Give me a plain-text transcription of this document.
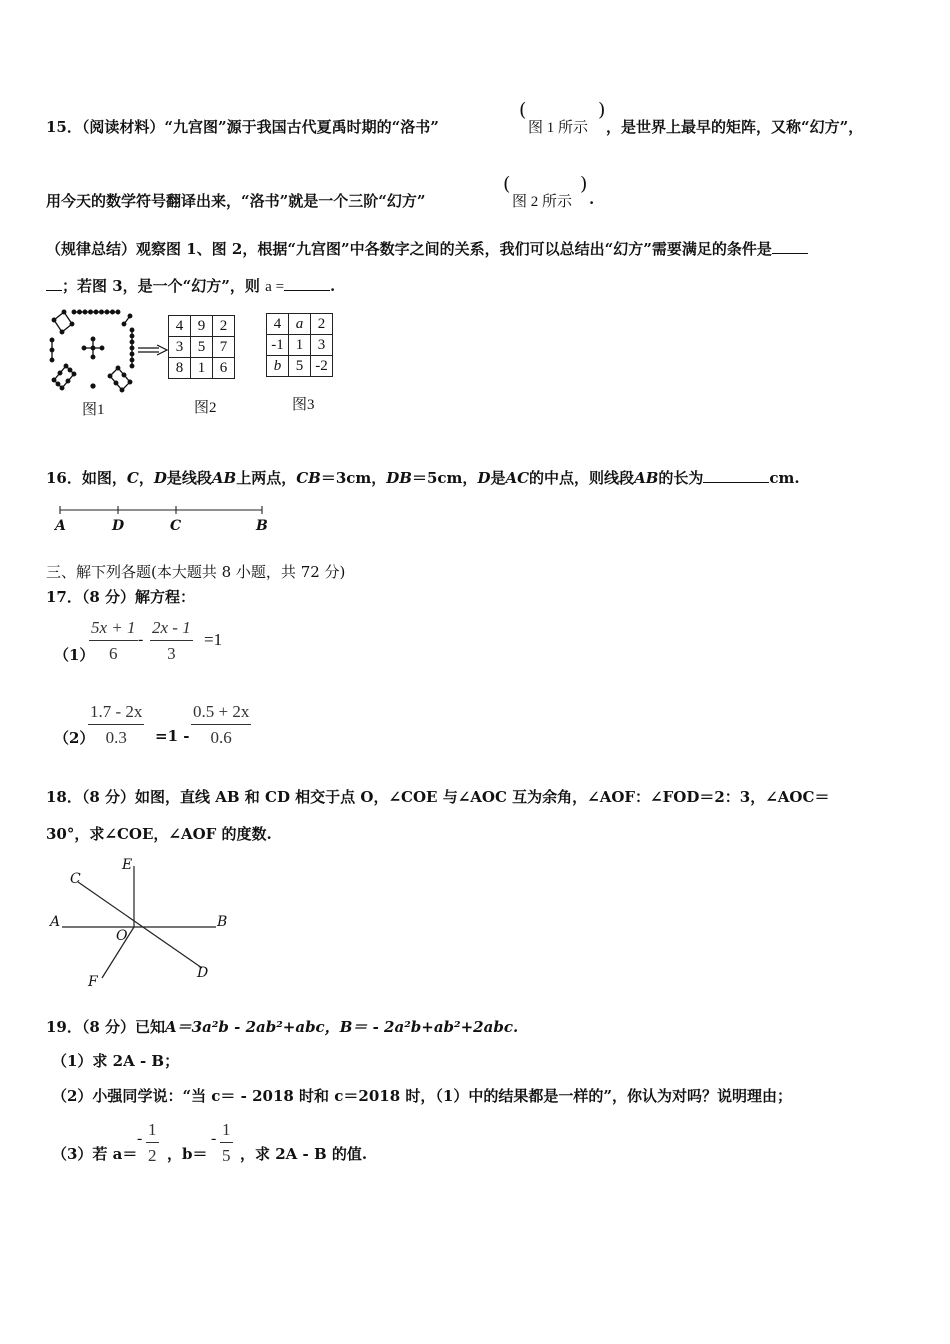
15．（阅读材料）“九宫图”源于我国古代夏禹时期的“洛书”
(
图 1 所示
)
，是世界上最早的矩阵，又称“幻方”，
用今天的数学符号翻译出来，“洛书”就是一个三阶“幻方”
(
图 2 所示
)
.
（规律总结）观察图 1、图 2，根据“九宫图”中各数字之间的关系，我们可以总结出“幻方”需要满足的条件是
；若图 3，是一个“幻方”，则 a =	.
图1
4	9	2
3	5	7
8	1	6
图2
4	a	2
-1	1	3
b	5	-2
图3
16．如图，C，D是线段AB上两点，CB＝3cm，DB＝5cm，D是AC的中点，则线段AB的长为	cm.
A	D	C	B
三、解下列各题(本大题共 8 小题，共 72 分)
17．（8 分）解方程：
（1）
$\frac{5x + 1}{6} - \frac{2x - 1}{3} =1$
（2）
$\frac{1.7 - 2x}{0.3} =1 - \frac{0.5 + 2x}{0.6}$
18．（8 分）如图，直线 AB 和 CD 相交于点 O，∠COE 与∠AOC 互为余角，∠AOF：∠FOD＝2：3，∠AOC＝
30°，求∠COE，∠AOF 的度数.
E
C
A
O
B
F
D
19．（8 分）已知A＝3a²b - 2ab²+abc，B＝ - 2a²b+ab²+2abc.
（1）求 2A - B；
（2）小强同学说：“当 c＝ - 2018 时和 c＝2018 时，（1）中的结果都是一样的”，你认为对吗？说明理由；
（3）若 a＝
- $\frac{1}{2}$ ，b＝
- $\frac{1}{5}$ ，求 2A - B 的值.
